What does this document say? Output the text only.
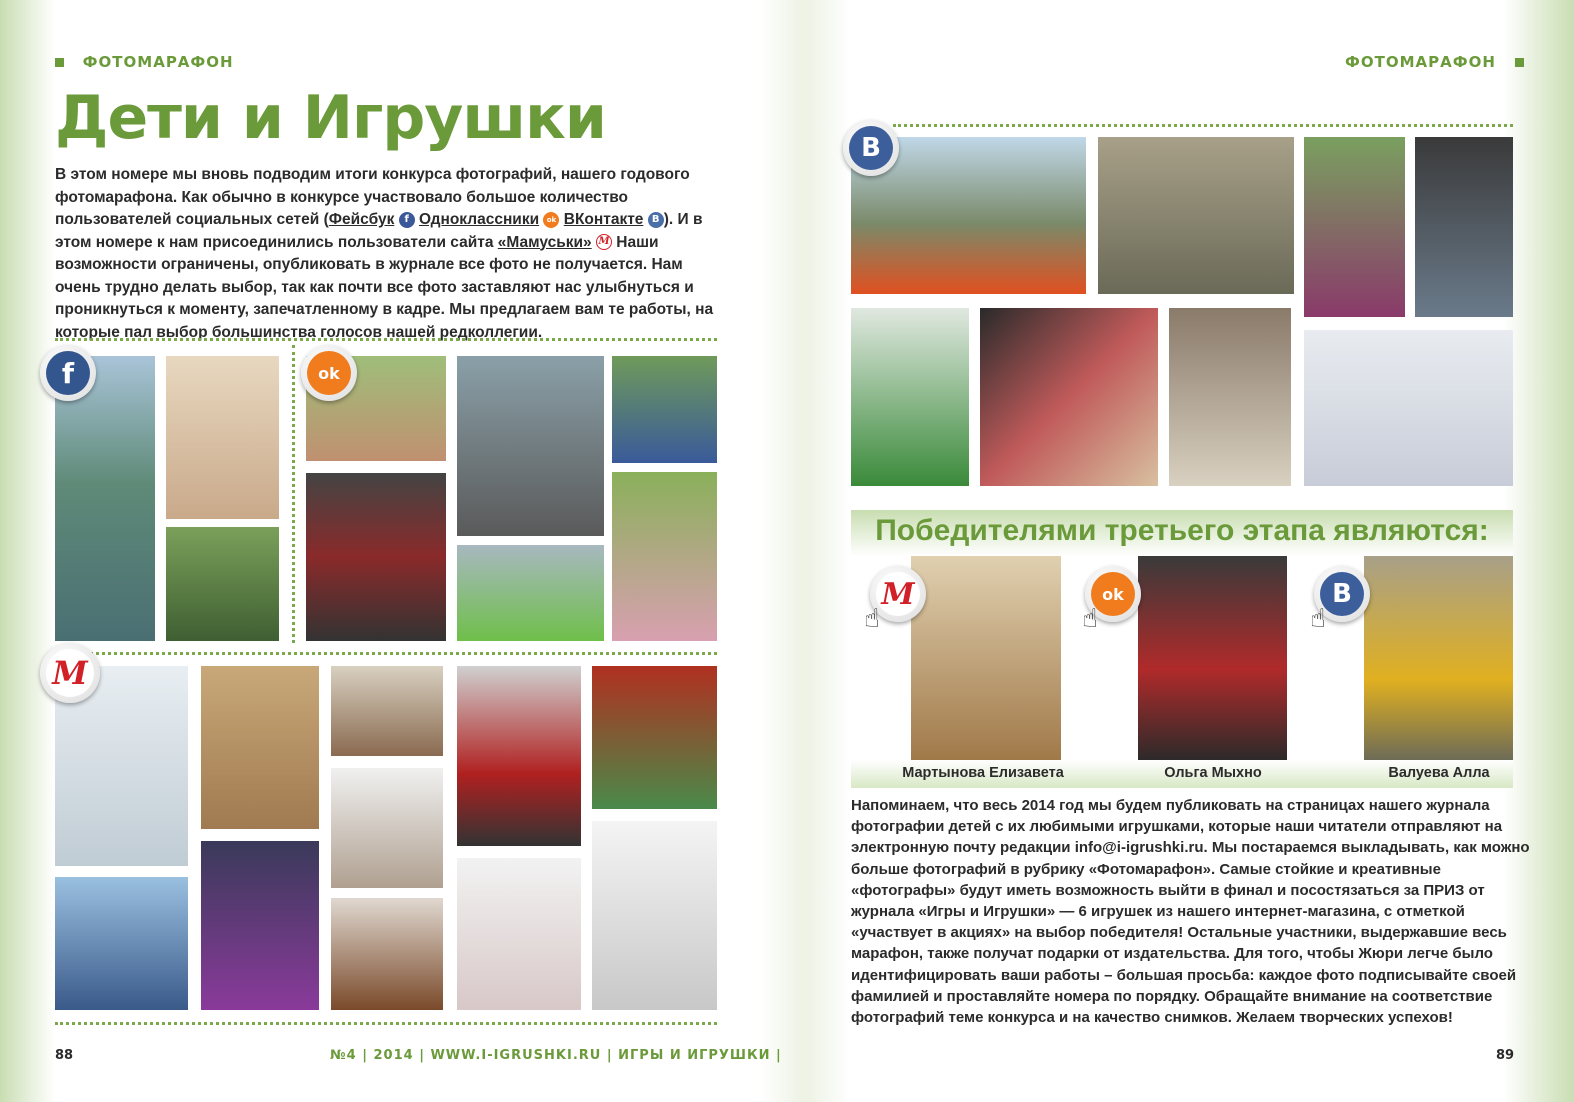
ФОТОМАРАФОН	ФОТОМАРАФОН
Дети и Игрушки
В этом номере мы вновь подводим итоги конкурса фотографий, нашего годового фотомарафона. Как обычно в конкурсе участвовало большое количество пользователей социальных сетей (Фейсбук f Одноклассники ok ВКонтакте B ). И в этом номере к нам присоединились пользователи сайта «Мамуськи» M Наши возможности ограничены, опубликовать в журнале все фото не получается. Нам очень трудно делать выбор, так как почти все фото заставляют нас улыбнуться и проникнуться к моменту, запечатленному в кадре. Мы предлагаем вам те работы, на которые пал выбор большинства голосов нашей редколлегии.
f	ok
M
B
Победителями третьего этапа являются:
M
☝
ok
☝
B
☝
Мартынова Елизавета	Ольга Мыхно	Валуева Алла
Напоминаем, что весь 2014 год мы будем публиковать на страницах нашего журнала фотографии детей с их любимыми игрушками, которые наши читатели отправляют на электронную почту редакции info@i-igrushki.ru. Мы постараемся выкладывать, как можно больше фотографий в рубрику «Фотомарафон». Самые стойкие и креативные «фотографы» будут иметь возможность выйти в финал и посостязаться за ПРИЗ от журнала «Игры и Игрушки» — 6 игрушек из нашего интернет-магазина, с отметкой «участвует в акциях» на выбор победителя! Остальные участники, выдержавшие весь марафон, также получат подарки от издательства. Для того, чтобы Жюри легче было идентифицировать ваши работы – большая просьба: каждое фото подписывайте своей фамилией и проставляйте номера по порядку. Обращайте внимание на соответствие фотографий теме конкурса и на качество снимков. Желаем творческих успехов!
88	№4 | 2014 | WWW.I-IGRUSHKI.RU | ИГРЫ И ИГРУШКИ |	89
